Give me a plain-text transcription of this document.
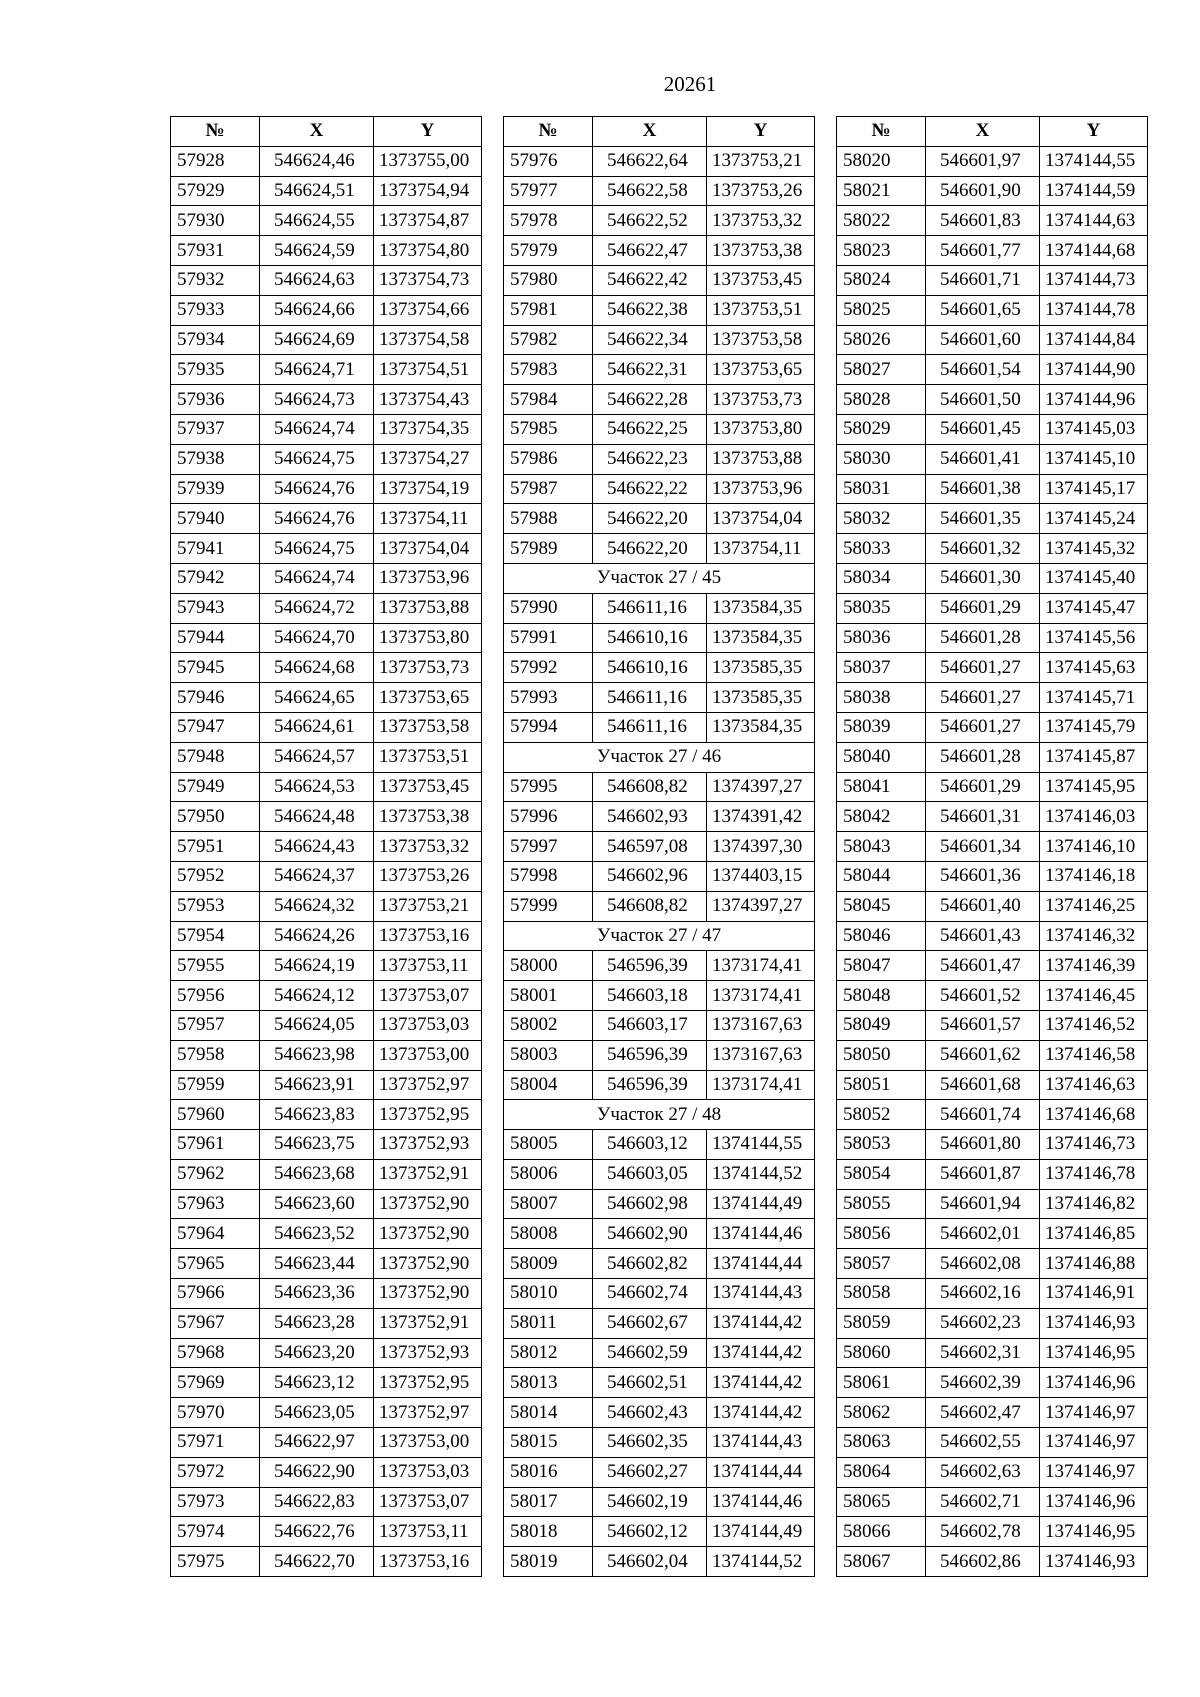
20261
№	X	Y
57928	546624,46	1373755,00
57929	546624,51	1373754,94
57930	546624,55	1373754,87
57931	546624,59	1373754,80
57932	546624,63	1373754,73
57933	546624,66	1373754,66
57934	546624,69	1373754,58
57935	546624,71	1373754,51
57936	546624,73	1373754,43
57937	546624,74	1373754,35
57938	546624,75	1373754,27
57939	546624,76	1373754,19
57940	546624,76	1373754,11
57941	546624,75	1373754,04
57942	546624,74	1373753,96
57943	546624,72	1373753,88
57944	546624,70	1373753,80
57945	546624,68	1373753,73
57946	546624,65	1373753,65
57947	546624,61	1373753,58
57948	546624,57	1373753,51
57949	546624,53	1373753,45
57950	546624,48	1373753,38
57951	546624,43	1373753,32
57952	546624,37	1373753,26
57953	546624,32	1373753,21
57954	546624,26	1373753,16
57955	546624,19	1373753,11
57956	546624,12	1373753,07
57957	546624,05	1373753,03
57958	546623,98	1373753,00
57959	546623,91	1373752,97
57960	546623,83	1373752,95
57961	546623,75	1373752,93
57962	546623,68	1373752,91
57963	546623,60	1373752,90
57964	546623,52	1373752,90
57965	546623,44	1373752,90
57966	546623,36	1373752,90
57967	546623,28	1373752,91
57968	546623,20	1373752,93
57969	546623,12	1373752,95
57970	546623,05	1373752,97
57971	546622,97	1373753,00
57972	546622,90	1373753,03
57973	546622,83	1373753,07
57974	546622,76	1373753,11
57975	546622,70	1373753,16
№	X	Y
57976	546622,64	1373753,21
57977	546622,58	1373753,26
57978	546622,52	1373753,32
57979	546622,47	1373753,38
57980	546622,42	1373753,45
57981	546622,38	1373753,51
57982	546622,34	1373753,58
57983	546622,31	1373753,65
57984	546622,28	1373753,73
57985	546622,25	1373753,80
57986	546622,23	1373753,88
57987	546622,22	1373753,96
57988	546622,20	1373754,04
57989	546622,20	1373754,11
Участок 27 / 45		
57990	546611,16	1373584,35
57991	546610,16	1373584,35
57992	546610,16	1373585,35
57993	546611,16	1373585,35
57994	546611,16	1373584,35
Участок 27 / 46		
57995	546608,82	1374397,27
57996	546602,93	1374391,42
57997	546597,08	1374397,30
57998	546602,96	1374403,15
57999	546608,82	1374397,27
Участок 27 / 47		
58000	546596,39	1373174,41
58001	546603,18	1373174,41
58002	546603,17	1373167,63
58003	546596,39	1373167,63
58004	546596,39	1373174,41
Участок 27 / 48		
58005	546603,12	1374144,55
58006	546603,05	1374144,52
58007	546602,98	1374144,49
58008	546602,90	1374144,46
58009	546602,82	1374144,44
58010	546602,74	1374144,43
58011	546602,67	1374144,42
58012	546602,59	1374144,42
58013	546602,51	1374144,42
58014	546602,43	1374144,42
58015	546602,35	1374144,43
58016	546602,27	1374144,44
58017	546602,19	1374144,46
58018	546602,12	1374144,49
58019	546602,04	1374144,52
№	X	Y
58020	546601,97	1374144,55
58021	546601,90	1374144,59
58022	546601,83	1374144,63
58023	546601,77	1374144,68
58024	546601,71	1374144,73
58025	546601,65	1374144,78
58026	546601,60	1374144,84
58027	546601,54	1374144,90
58028	546601,50	1374144,96
58029	546601,45	1374145,03
58030	546601,41	1374145,10
58031	546601,38	1374145,17
58032	546601,35	1374145,24
58033	546601,32	1374145,32
58034	546601,30	1374145,40
58035	546601,29	1374145,47
58036	546601,28	1374145,56
58037	546601,27	1374145,63
58038	546601,27	1374145,71
58039	546601,27	1374145,79
58040	546601,28	1374145,87
58041	546601,29	1374145,95
58042	546601,31	1374146,03
58043	546601,34	1374146,10
58044	546601,36	1374146,18
58045	546601,40	1374146,25
58046	546601,43	1374146,32
58047	546601,47	1374146,39
58048	546601,52	1374146,45
58049	546601,57	1374146,52
58050	546601,62	1374146,58
58051	546601,68	1374146,63
58052	546601,74	1374146,68
58053	546601,80	1374146,73
58054	546601,87	1374146,78
58055	546601,94	1374146,82
58056	546602,01	1374146,85
58057	546602,08	1374146,88
58058	546602,16	1374146,91
58059	546602,23	1374146,93
58060	546602,31	1374146,95
58061	546602,39	1374146,96
58062	546602,47	1374146,97
58063	546602,55	1374146,97
58064	546602,63	1374146,97
58065	546602,71	1374146,96
58066	546602,78	1374146,95
58067	546602,86	1374146,93
